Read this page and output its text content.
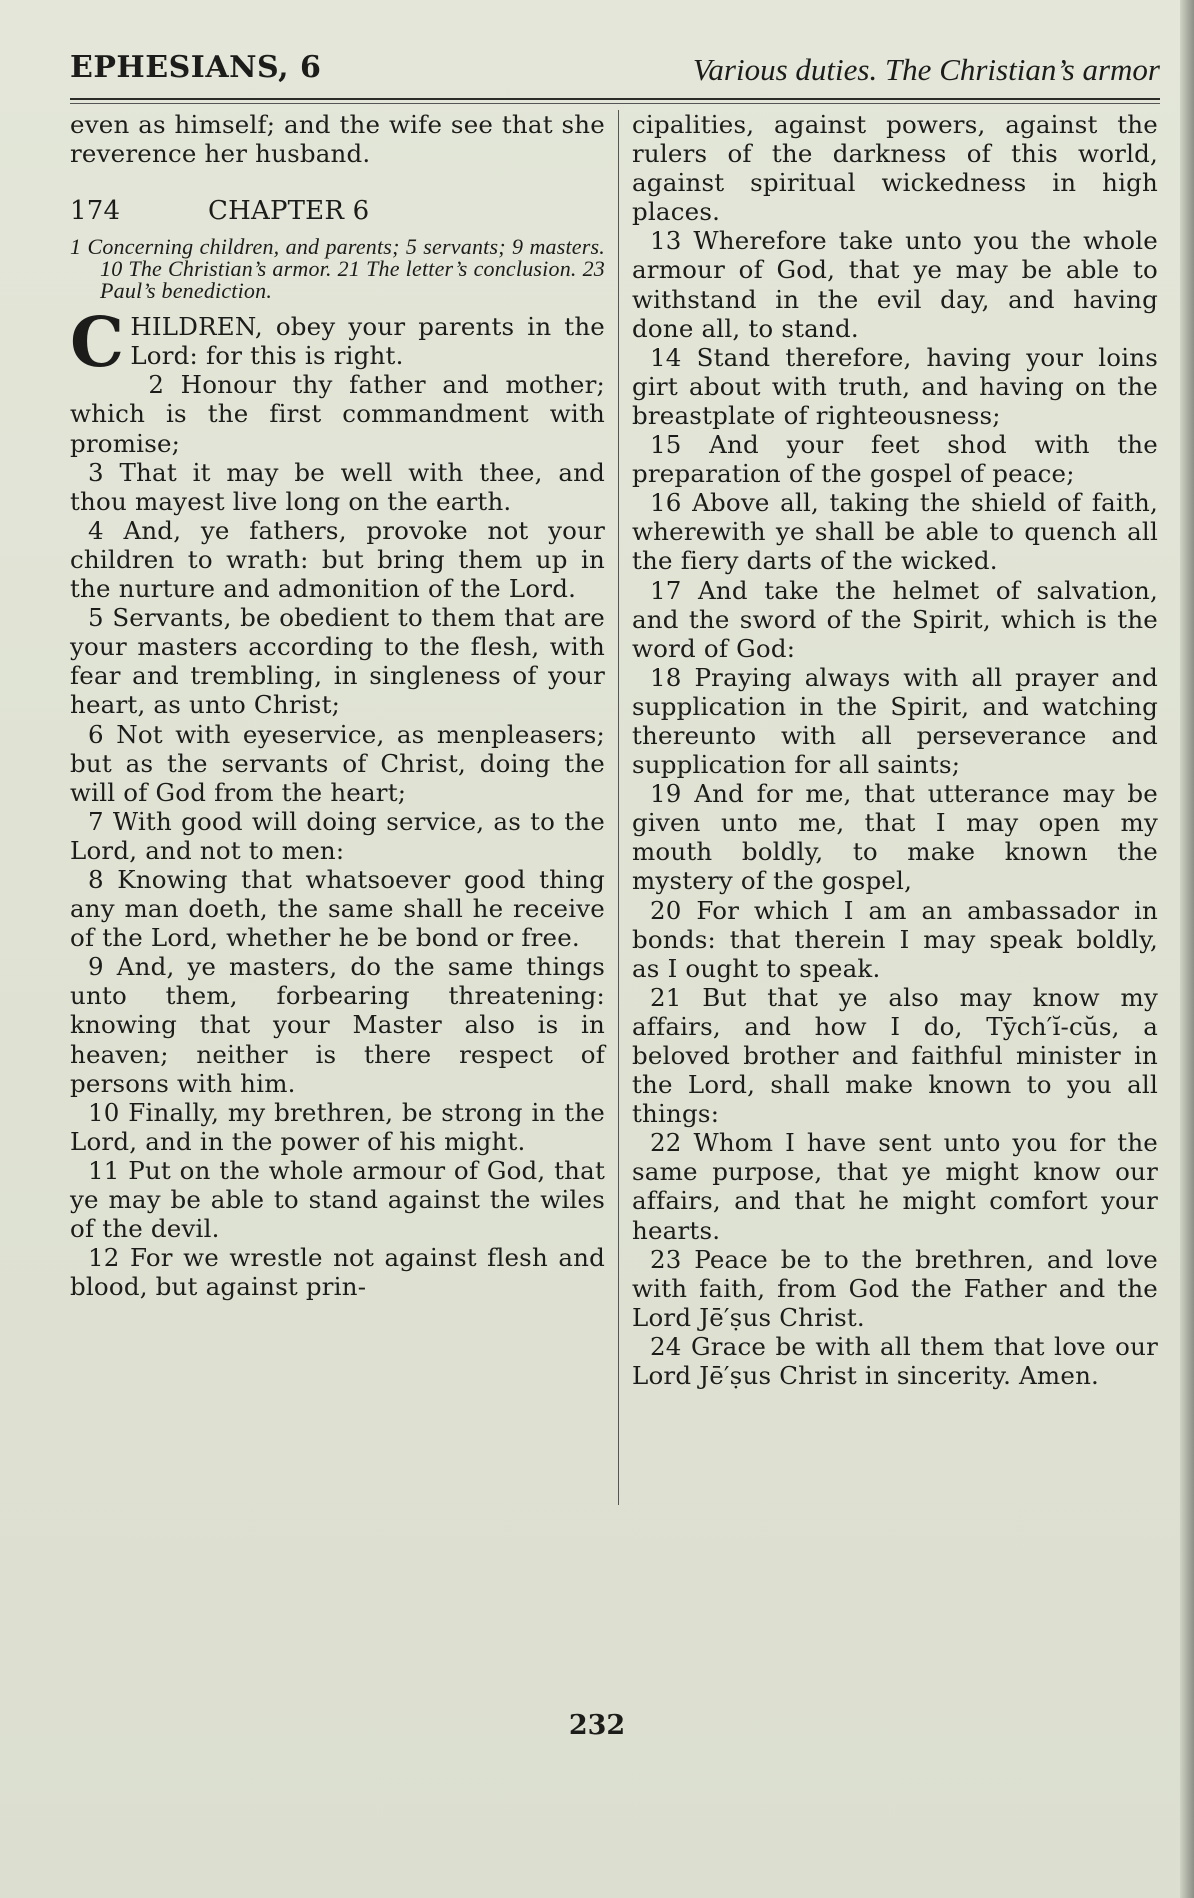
EPHESIANS, 6	Various duties. The Christian’s armor

even as himself; and the wife see that she reverence her husband.

174	CHAPTER 6

1 Concerning children, and parents; 5 servants; 9 masters. 10 The Christian’s armor. 21 The letter’s conclusion. 23 Paul’s benediction.

CHILDREN, obey your parents in the Lord: for this is right.

2 Honour thy father and mother; which is the first commandment with promise;

3 That it may be well with thee, and thou mayest live long on the earth.

4 And, ye fathers, provoke not your children to wrath: but bring them up in the nurture and admonition of the Lord.

5 Servants, be obedient to them that are your masters according to the flesh, with fear and trembling, in singleness of your heart, as unto Christ;

6 Not with eyeservice, as menpleasers; but as the servants of Christ, doing the will of God from the heart;

7 With good will doing service, as to the Lord, and not to men:

8 Knowing that whatsoever good thing any man doeth, the same shall he receive of the Lord, whether he be bond or free.

9 And, ye masters, do the same things unto them, forbearing threatening: knowing that your Master also is in heaven; neither is there respect of persons with him.

10 Finally, my brethren, be strong in the Lord, and in the power of his might.

11 Put on the whole armour of God, that ye may be able to stand against the wiles of the devil.

12 For we wrestle not against flesh and blood, but against prin-

cipalities, against powers, against the rulers of the darkness of this world, against spiritual wickedness in high places.

13 Wherefore take unto you the whole armour of God, that ye may be able to withstand in the evil day, and having done all, to stand.

14 Stand therefore, having your loins girt about with truth, and having on the breastplate of righteousness;

15 And your feet shod with the preparation of the gospel of peace;

16 Above all, taking the shield of faith, wherewith ye shall be able to quench all the fiery darts of the wicked.

17 And take the helmet of salvation, and the sword of the Spirit, which is the word of God:

18 Praying always with all prayer and supplication in the Spirit, and watching thereunto with all perseverance and supplication for all saints;

19 And for me, that utterance may be given unto me, that I may open my mouth boldly, to make known the mystery of the gospel,

20 For which I am an ambassador in bonds: that therein I may speak boldly, as I ought to speak.

21 But that ye also may know my affairs, and how I do, Tȳch′ĭ-cŭs, a beloved brother and faithful minister in the Lord, shall make known to you all things:

22 Whom I have sent unto you for the same purpose, that ye might know our affairs, and that he might comfort your hearts.

23 Peace be to the brethren, and love with faith, from God the Father and the Lord Jē′ṣus Christ.

24 Grace be with all them that love our Lord Jē′ṣus Christ in sincerity. Amen.

232
